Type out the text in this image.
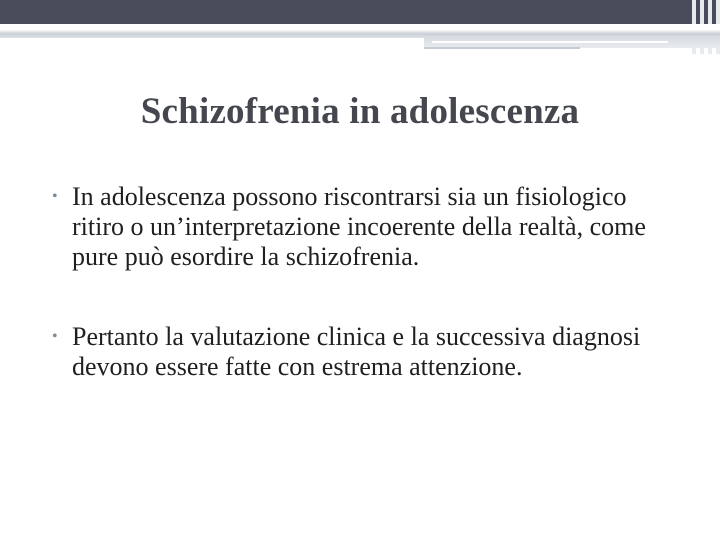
Schizofrenia in adolescenza
• In adolescenza possono riscontrarsi sia un fisiologico ritiro o un’interpretazione incoerente della realtà, come pure può esordire la schizofrenia.
• Pertanto la valutazione clinica e la successiva diagnosi devono essere fatte con estrema attenzione.
